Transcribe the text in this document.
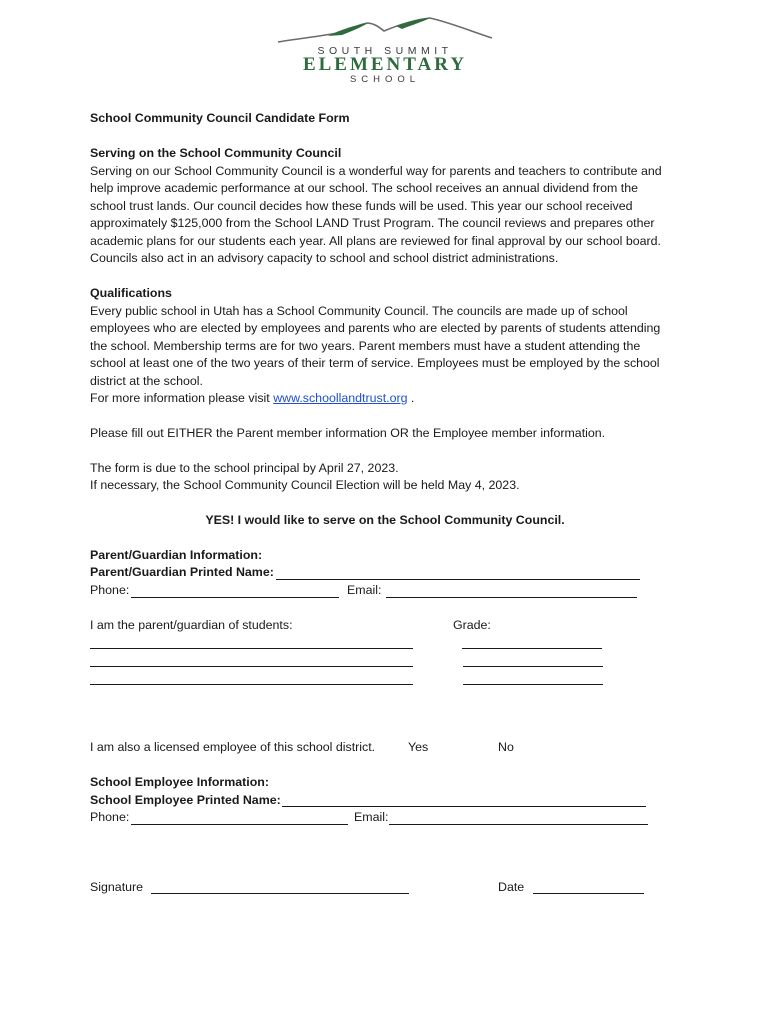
SOUTH SUMMIT
ELEMENTARY
SCHOOL
School Community Council Candidate Form
Serving on the School Community Council
Serving on our School Community Council is a wonderful way for parents and teachers to contribute and
help improve academic performance at our school. The school receives an annual dividend from the
school trust lands. Our council decides how these funds will be used. This year our school received
approximately $125,000 from the School LAND Trust Program. The council reviews and prepares other
academic plans for our students each year. All plans are reviewed for final approval by our school board.
Councils also act in an advisory capacity to school and school district administrations.
Qualifications
Every public school in Utah has a School Community Council. The councils are made up of school
employees who are elected by employees and parents who are elected by parents of students attending
the school. Membership terms are for two years. Parent members must have a student attending the
school at least one of the two years of their term of service. Employees must be employed by the school
district at the school.
For more information please visit www.schoollandtrust.org .
Please fill out EITHER the Parent member information OR the Employee member information.
The form is due to the school principal by April 27, 2023.
If necessary, the School Community Council Election will be held May 4, 2023.
YES! I would like to serve on the School Community Council.
Parent/Guardian Information:
Parent/Guardian Printed Name:
Phone:	Email:
I am the parent/guardian of students:	Grade:
I am also a licensed employee of this school district.	Yes	No
School Employee Information:
School Employee Printed Name:
Phone:	Email:
Signature	Date
